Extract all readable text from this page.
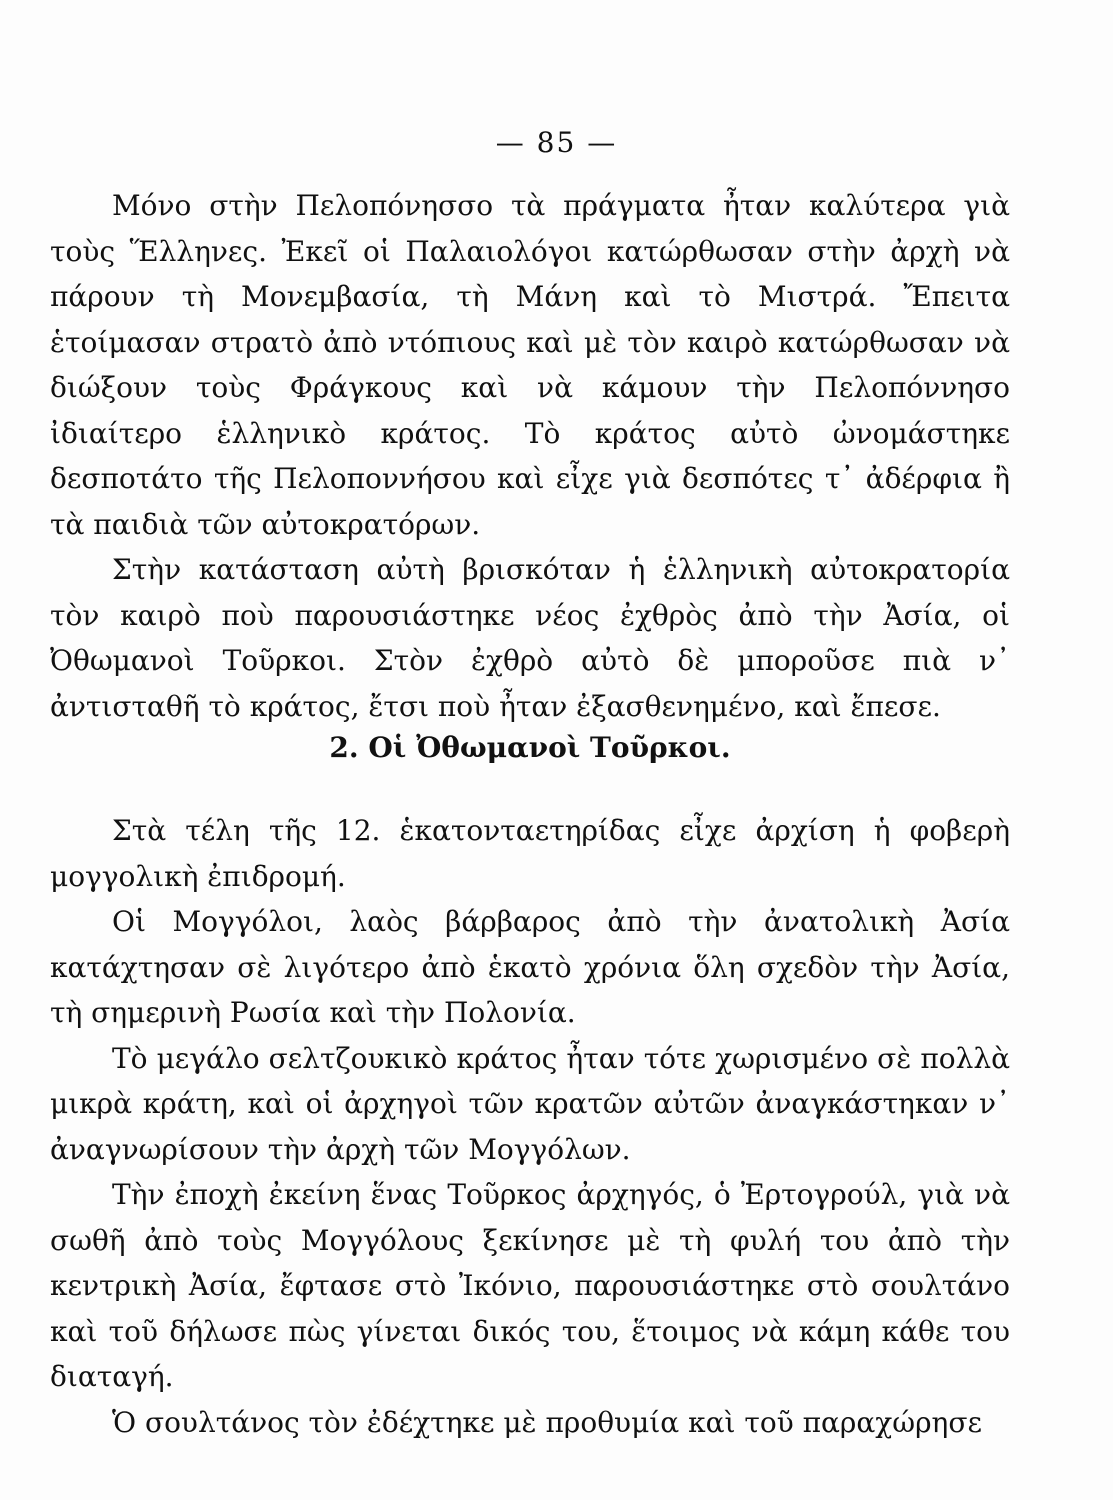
— 85 —

Μόνο στὴν Πελοπόνησσο τὰ πράγματα ἦταν καλύτερα γιὰ τοὺς Ἕλληνες. Ἐκεῖ οἱ Παλαιολόγοι κατώρθωσαν στὴν ἀρχὴ νὰ πάρουν τὴ Μονεμβασία, τὴ Μάνη καὶ τὸ Μιστρά. Ἔπειτα ἑτοίμασαν στρατὸ ἀπὸ ντόπιους καὶ μὲ τὸν καιρὸ κατώρθωσαν νὰ διώξουν τοὺς Φράγκους καὶ νὰ κάμουν τὴν Πελοπόννησο ἰδιαίτερο ἑλληνικὸ κράτος. Τὸ κράτος αὐτὸ ὠνομάστηκε δεσποτάτο τῆς Πελοποννήσου καὶ εἶχε γιὰ δεσπότες τ᾿ ἀδέρφια ἢ τὰ παιδιὰ τῶν αὐτοκρατόρων.

Στὴν κατάσταση αὐτὴ βρισκόταν ἡ ἑλληνικὴ αὐτοκρατορία τὸν καιρὸ ποὺ παρουσιάστηκε νέος ἐχθρὸς ἀπὸ τὴν Ἀσία, οἱ Ὀθωμανοὶ Τοῦρκοι. Στὸν ἐχθρὸ αὐτὸ δὲ μποροῦσε πιὰ ν᾿ ἀντισταθῆ τὸ κράτος, ἔτσι ποὺ ἦταν ἐξασθενημένο, καὶ ἔπεσε.

2. Οἱ Ὀθωμανοὶ Τοῦρκοι.

Στὰ τέλη τῆς 12. ἑκατονταετηρίδας εἶχε ἀρχίση ἡ φοβερὴ μογγολικὴ ἐπιδρομή.

Οἱ Μογγόλοι, λαὸς βάρβαρος ἀπὸ τὴν ἀνατολικὴ Ἀσία κατάχτησαν σὲ λιγότερο ἀπὸ ἑκατὸ χρόνια ὅλη σχεδὸν τὴν Ἀσία, τὴ σημερινὴ Ρωσία καὶ τὴν Πολονία.

Τὸ μεγάλο σελτζουκικὸ κράτος ἦταν τότε χωρισμένο σὲ πολλὰ μικρὰ κράτη, καὶ οἱ ἀρχηγοὶ τῶν κρατῶν αὐτῶν ἀναγκάστηκαν ν᾿ ἀναγνωρίσουν τὴν ἀρχὴ τῶν Μογγόλων.

Τὴν ἐποχὴ ἐκείνη ἕνας Τοῦρκος ἀρχηγός, ὁ Ἐρτογρούλ, γιὰ νὰ σωθῆ ἀπὸ τοὺς Μογγόλους ξεκίνησε μὲ τὴ φυλή του ἀπὸ τὴν κεντρικὴ Ἀσία, ἔφτασε στὸ Ἰκόνιο, παρουσιάστηκε στὸ σουλτάνο καὶ τοῦ δήλωσε πὼς γίνεται δικός του, ἕτοιμος νὰ κάμη κάθε του διαταγή.

Ὁ σουλτάνος τὸν ἐδέχτηκε μὲ προθυμία καὶ τοῦ παραχώρησε
